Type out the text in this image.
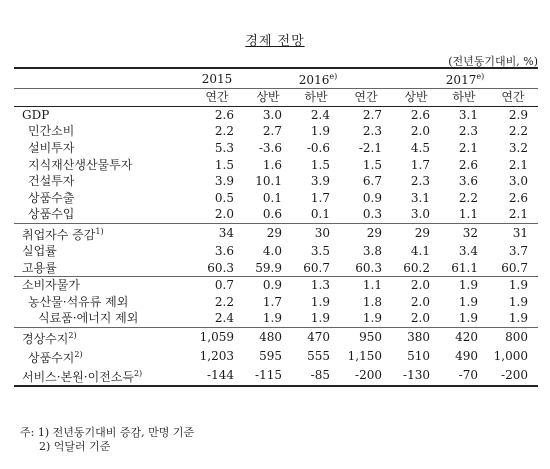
경제 전망
(전년동기대비, %)
	2015	2016$^{e)}$			2017$^{e)}$
	연간	상반	하반	연간	상반	하반	연간
GDP	2.6	3.0	2.4	2.7	2.6	3.1	2.9
민간소비	2.2	2.7	1.9	2.3	2.0	2.3	2.2
설비투자	5.3	-3.6	-0.6	-2.1	4.5	2.1	3.2
지식재산생산물투자	1.5	1.6	1.5	1.5	1.7	2.6	2.1
건설투자	3.9	10.1	3.9	6.7	2.3	3.6	3.0
상품수출	0.5	0.1	1.7	0.9	3.1	2.2	2.6
상품수입	2.0	0.6	0.1	0.3	3.0	1.1	2.1
취업자수 증감$^{1)}$	34	29	30	29	29	32	31
실업률	3.6	4.0	3.5	3.8	4.1	3.4	3.7
고용률	60.3	59.9	60.7	60.3	60.2	61.1	60.7
소비자물가	0.7	0.9	1.3	1.1	2.0	1.9	1.9
농산물·석유류 제외	2.2	1.7	1.9	1.8	2.0	1.9	1.9
식료품·에너지 제외	2.4	1.9	1.9	1.9	2.0	1.9	1.9
경상수지$^{2)}$	1,059	480	470	950	380	420	800
상품수지$^{2)}$	1,203	595	555	1,150	510	490	1,000
서비스·본원·이전소득$^{2)}$	-144	-115	-85	-200	-130	-70	-200
주: 1) 전년동기대비 증감, 만명 기준
2) 억달러 기준
